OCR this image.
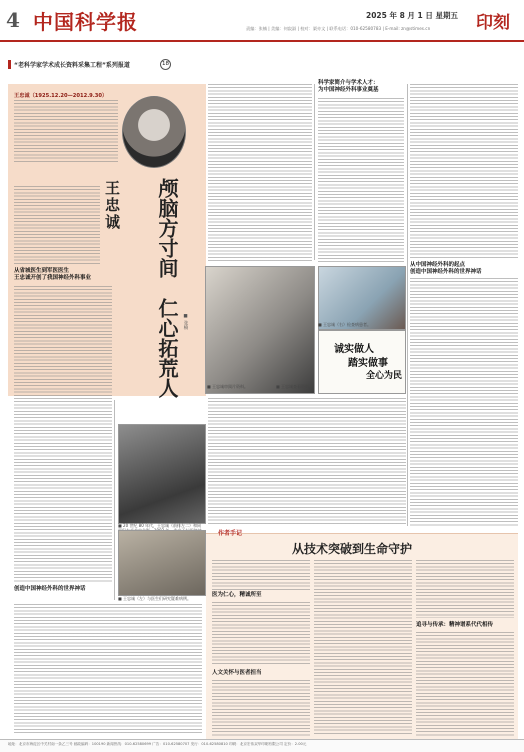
4 中国科学报	2025 年 8 月 1 日 星期五
责编：张楠 | 美编：何寂淑 | 校对：栗亦文 | 联系电话：010-62580783 | E-mail: zn@stimes.cn	印刻
“老科学家学术成长资料采集工程”系列报道	18
王忠诚（1925.12.20—2012.9.30）
颅脑方寸间　仁心拓荒人
王忠诚
■ 张楠
从省城医生到军医医生
王忠诚开创了我国神经外科事业
科学家简介与学术人才：
为中国神经外科事业奠基
从中国神经外科的起点
创造中国神经外科的世界神话
创造中国神经外科的世界神话
■ 王忠诚审阅片资料。	■ 王忠诚查看资料。
■ 王忠诚（右）检查病患者。
诚实做人
踏实做事
全心为民
■ 20 世纪 80 年代，王忠诚（前排左二）和同
■ 王忠诚（左）与医生们研究疑难病例。
作者手记
从技术突破到生命守护
医为仁心，精诚所至
人文关怀与医者担当
追寻与传承：精神谱系代代相传
地址：北京市海淀区中关村南一条乙三号 邮政编码：100190 新闻热线：010-62580699 广告：010-62580707 发行：010-62580810 印刷：北京宏伟双华印刷有限公司 定价：2.00元
